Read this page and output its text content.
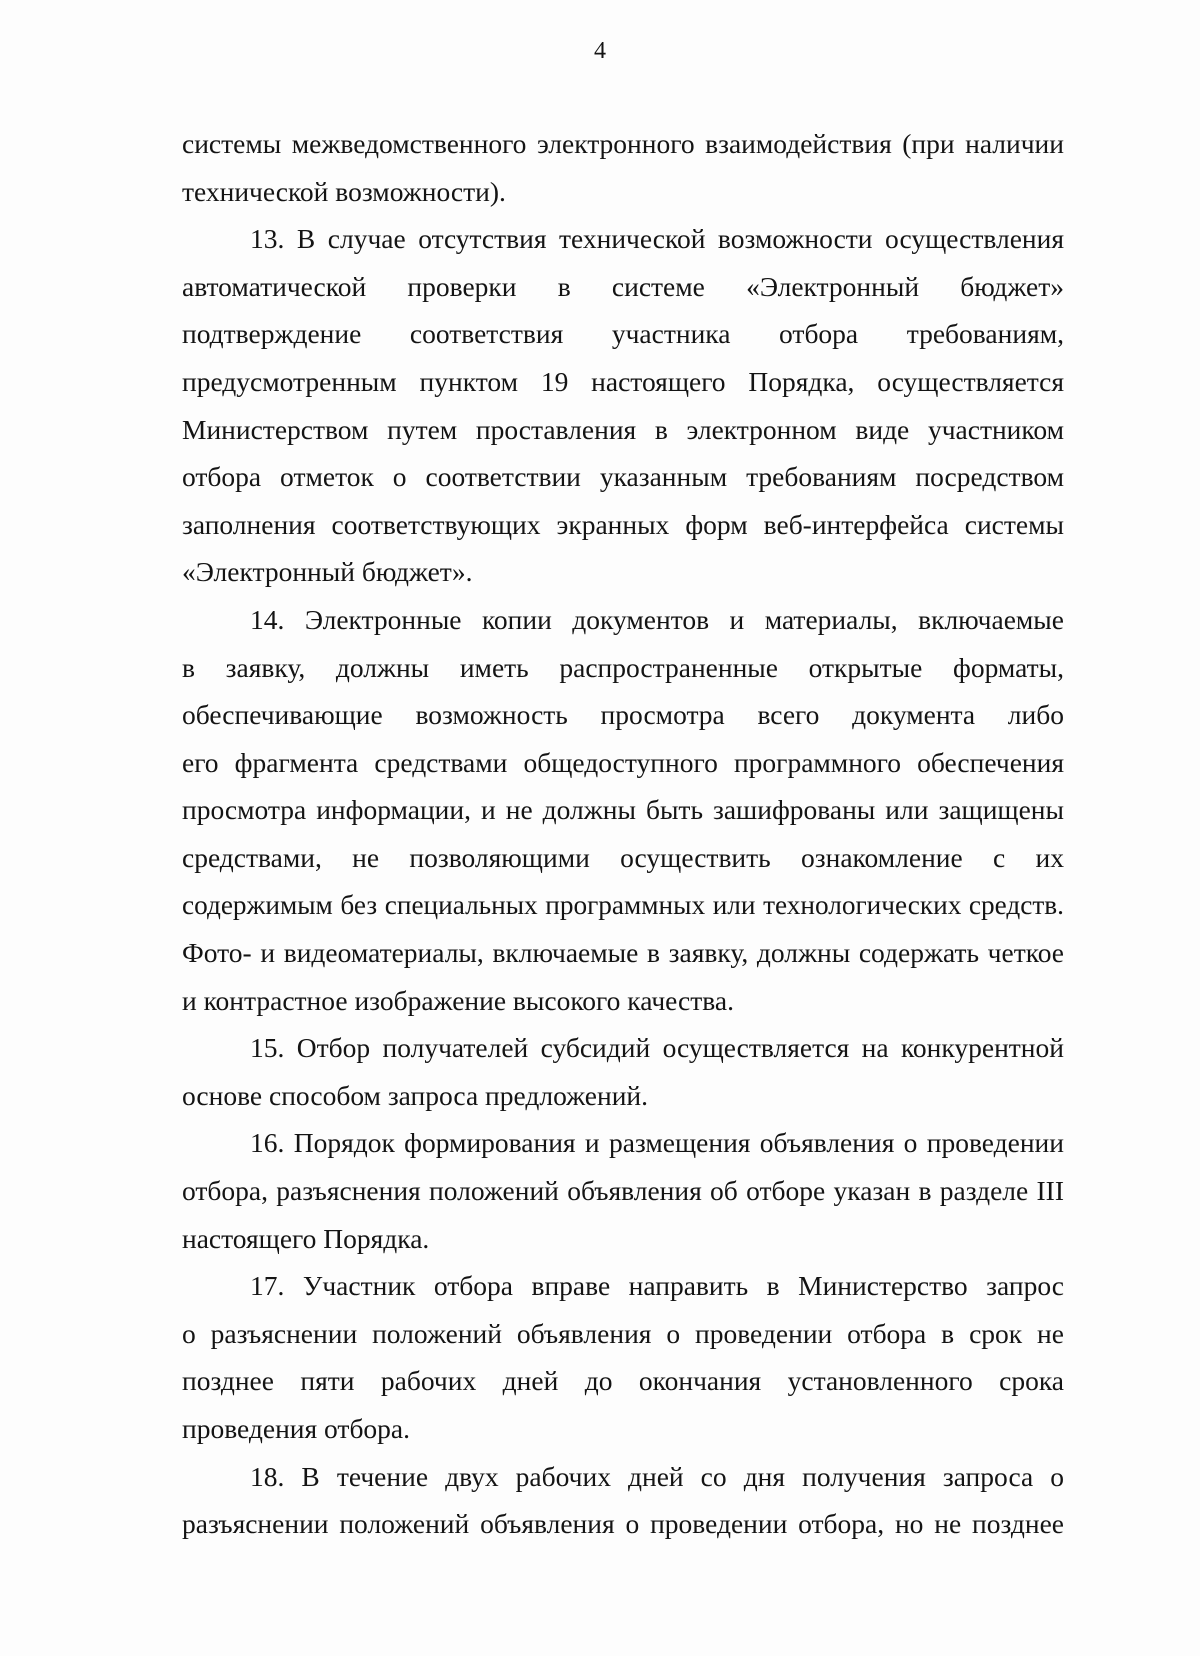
4
системы межведомственного электронного взаимодействия (при наличии
технической возможности).
13. В случае отсутствия технической возможности осуществления
автоматической проверки в системе «Электронный бюджет»
подтверждение соответствия участника отбора требованиям,
предусмотренным пунктом 19 настоящего Порядка, осуществляется
Министерством путем проставления в электронном виде участником
отбора отметок о соответствии указанным требованиям посредством
заполнения соответствующих экранных форм веб-интерфейса системы
«Электронный бюджет».
14. Электронные копии документов и материалы, включаемые
в заявку, должны иметь распространенные открытые форматы,
обеспечивающие возможность просмотра всего документа либо
его фрагмента средствами общедоступного программного обеспечения
просмотра информации, и не должны быть зашифрованы или защищены
средствами, не позволяющими осуществить ознакомление с их
содержимым без специальных программных или технологических средств.
Фото- и видеоматериалы, включаемые в заявку, должны содержать четкое
и контрастное изображение высокого качества.
15. Отбор получателей субсидий осуществляется на конкурентной
основе способом запроса предложений.
16. Порядок формирования и размещения объявления о проведении
отбора, разъяснения положений объявления об отборе указан в разделе III
настоящего Порядка.
17. Участник отбора вправе направить в Министерство запрос
о разъяснении положений объявления о проведении отбора в срок не
позднее пяти рабочих дней до окончания установленного срока
проведения отбора.
18. В течение двух рабочих дней со дня получения запроса о
разъяснении положений объявления о проведении отбора, но не позднее
